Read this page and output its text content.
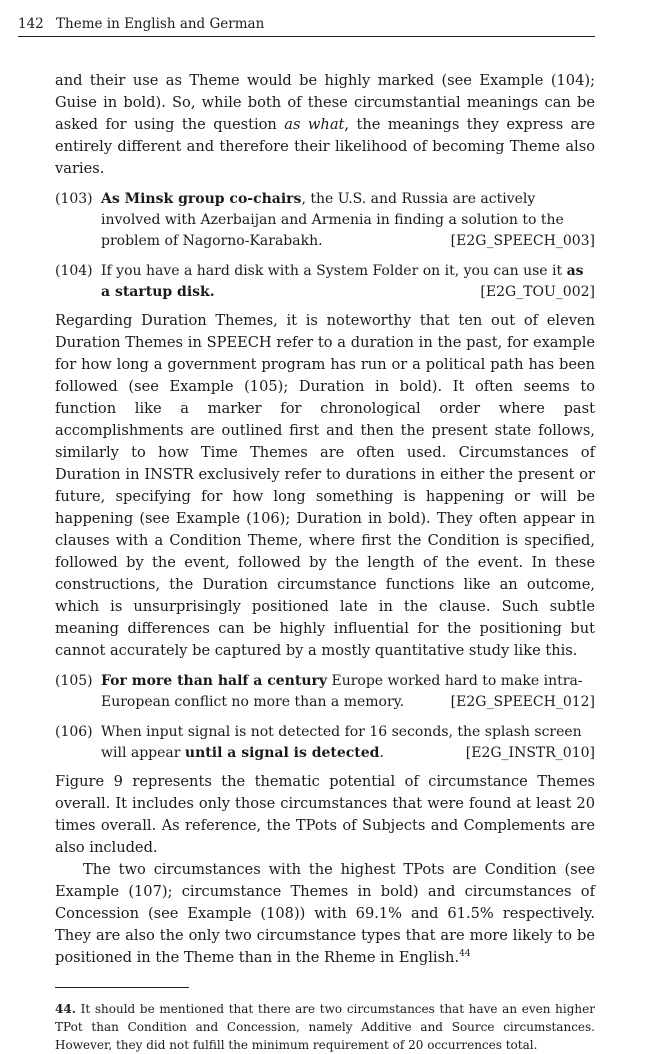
142 Theme in English and German

and their use as Theme would be highly marked (see Example (104); Guise in bold). So, while both of these circumstantial meanings can be asked for using the question as what, the meanings they express are entirely different and therefore their likelihood of becoming Theme also varies.

(103) As Minsk group co-chairs, the U.S. and Russia are actively involved with Azerbaijan and Armenia in finding a solution to the problem of Nagorno-Karabakh.	[E2G_SPEECH_003]
(104) If you have a hard disk with a System Folder on it, you can use it as a startup disk.	[E2G_TOU_002]

Regarding Duration Themes, it is noteworthy that ten out of eleven Duration Themes in SPEECH refer to a duration in the past, for example for how long a government program has run or a political path has been followed (see Example (105); Duration in bold). It often seems to function like a marker for chronological order where past accomplishments are outlined first and then the present state follows, similarly to how Time Themes are often used. Circumstances of Duration in INSTR exclusively refer to durations in either the present or future, specifying for how long something is happening or will be happening (see Example (106); Duration in bold). They often appear in clauses with a Condition Theme, where first the Condition is specified, followed by the event, followed by the length of the event. In these constructions, the Duration circumstance functions like an outcome, which is unsurprisingly positioned late in the clause. Such subtle meaning differences can be highly influential for the positioning but cannot accurately be captured by a mostly quantitative study like this.

(105) For more than half a century Europe worked hard to make intra-European conflict no more than a memory.	[E2G_SPEECH_012]
(106) When input signal is not detected for 16 seconds, the splash screen will appear until a signal is detected.	[E2G_INSTR_010]

Figure 9 represents the thematic potential of circumstance Themes overall. It includes only those circumstances that were found at least 20 times overall. As reference, the TPots of Subjects and Complements are also included.

The two circumstances with the highest TPots are Condition (see Example (107); circumstance Themes in bold) and circumstances of Concession (see Example (108)) with 69.1% and 61.5% respectively. They are also the only two circumstance types that are more likely to be positioned in the Theme than in the Rheme in English.$^{44}$

44. It should be mentioned that there are two circumstances that have an even higher TPot than Condition and Concession, namely Additive and Source circumstances. However, they did not fulfill the minimum requirement of 20 occurrences total.
